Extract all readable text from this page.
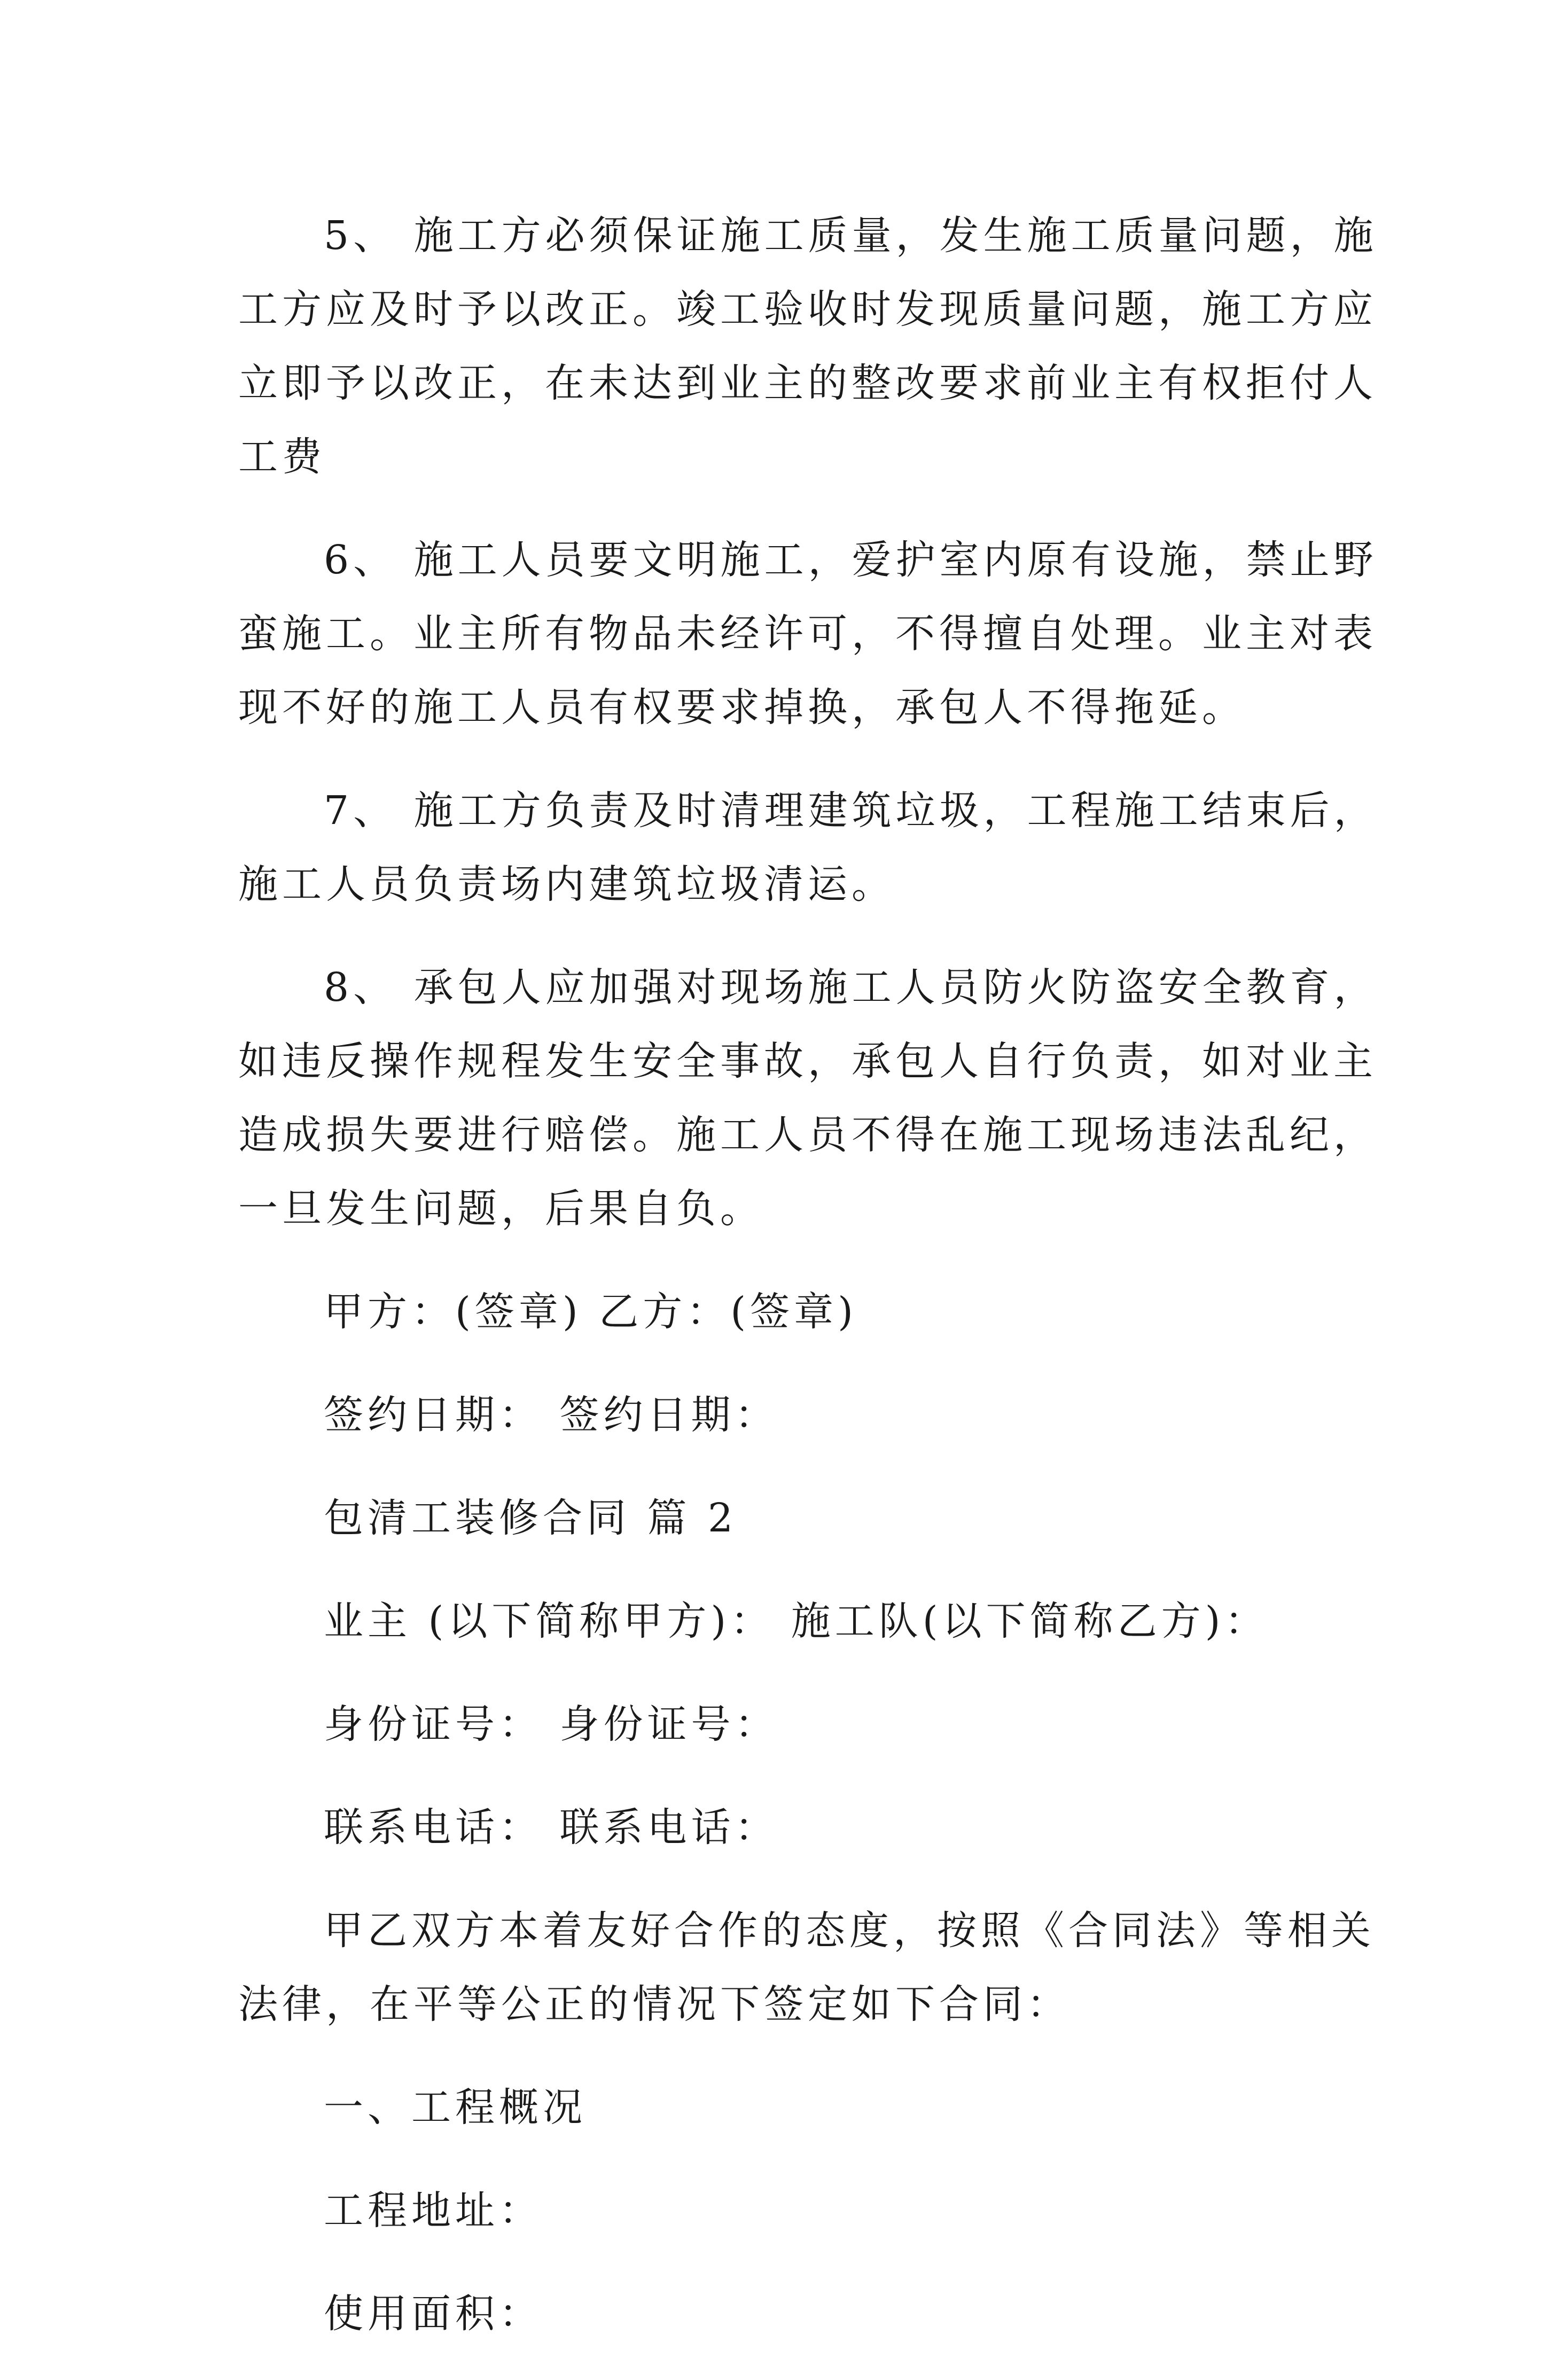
5、 施工方必须保证施工质量，发生施工质量问题，施
工方应及时予以改正。竣工验收时发现质量问题，施工方应
立即予以改正，在未达到业主的整改要求前业主有权拒付人
工费
6、 施工人员要文明施工，爱护室内原有设施，禁止野
蛮施工。业主所有物品未经许可，不得擅自处理。业主对表
现不好的施工人员有权要求掉换，承包人不得拖延。
7、 施工方负责及时清理建筑垃圾，工程施工结束后，
施工人员负责场内建筑垃圾清运。
8、 承包人应加强对现场施工人员防火防盗安全教育，
如违反操作规程发生安全事故，承包人自行负责，如对业主
造成损失要进行赔偿。施工人员不得在施工现场违法乱纪，
一旦发生问题，后果自负。
甲方：(签章) 乙方：(签章)
签约日期： 签约日期：
包清工装修合同 篇 2
业主 (以下简称甲方)： 施工队(以下简称乙方)：
身份证号： 身份证号：
联系电话： 联系电话：
甲乙双方本着友好合作的态度，按照《合同法》等相关
法律，在平等公正的情况下签定如下合同：
一、工程概况
工程地址：
使用面积：
